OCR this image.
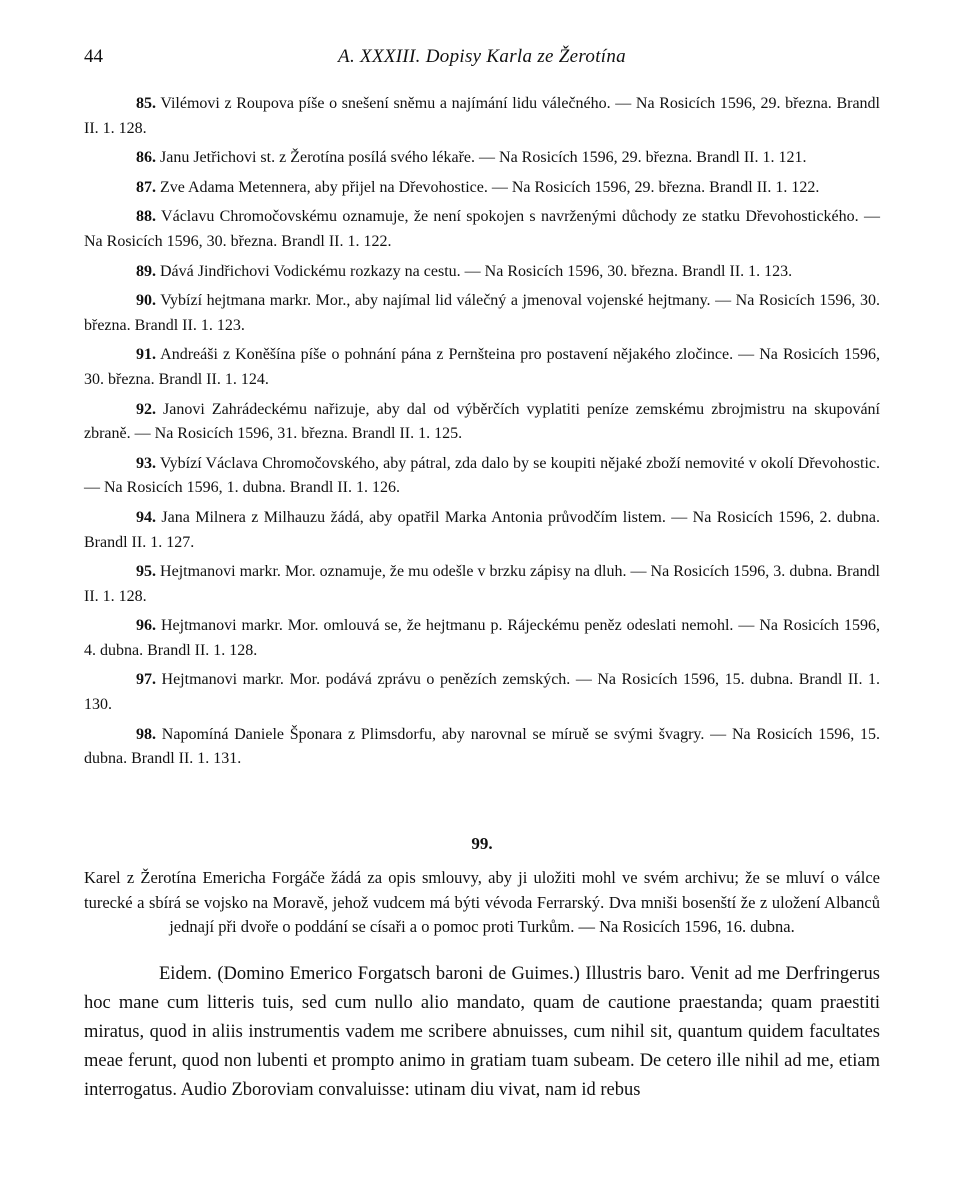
44	A. XXXIII. Dopisy Karla ze Žerotína

85. Vilémovi z Roupova píše o snešení sněmu a najímání lidu válečného. — Na Rosicích 1596, 29. března. Brandl II. 1. 128.

86. Janu Jetřichovi st. z Žerotína posílá svého lékaře. — Na Rosicích 1596, 29. března. Brandl II. 1. 121.

87. Zve Adama Metennera, aby přijel na Dřevohostice. — Na Rosicích 1596, 29. března. Brandl II. 1. 122.

88. Václavu Chromočovskému oznamuje, že není spokojen s navrženými důchody ze statku Dřevohostického. — Na Rosicích 1596, 30. března. Brandl II. 1. 122.

89. Dává Jindřichovi Vodickému rozkazy na cestu. — Na Rosicích 1596, 30. března. Brandl II. 1. 123.

90. Vybízí hejtmana markr. Mor., aby najímal lid válečný a jmenoval vojenské hejtmany. — Na Rosicích 1596, 30. března. Brandl II. 1. 123.

91. Andreáši z Koněšína píše o pohnání pána z Pernšteina pro postavení nějakého zločince. — Na Rosicích 1596, 30. března. Brandl II. 1. 124.

92. Janovi Zahrádeckému nařizuje, aby dal od výběrčích vyplatiti peníze zemskému zbrojmistru na skupování zbraně. — Na Rosicích 1596, 31. března. Brandl II. 1. 125.

93. Vybízí Václava Chromočovského, aby pátral, zda dalo by se koupiti nějaké zboží nemovité v okolí Dřevohostic. — Na Rosicích 1596, 1. dubna. Brandl II. 1. 126.

94. Jana Milnera z Milhauzu žádá, aby opatřil Marka Antonia průvodčím listem. — Na Rosicích 1596, 2. dubna. Brandl II. 1. 127.

95. Hejtmanovi markr. Mor. oznamuje, že mu odešle v brzku zápisy na dluh. — Na Rosicích 1596, 3. dubna. Brandl II. 1. 128.

96. Hejtmanovi markr. Mor. omlouvá se, že hejtmanu p. Rájeckému peněz odeslati nemohl. — Na Rosicích 1596, 4. dubna. Brandl II. 1. 128.

97. Hejtmanovi markr. Mor. podává zprávu o penězích zemských. — Na Rosicích 1596, 15. dubna. Brandl II. 1. 130.

98. Napomíná Daniele Šponara z Plimsdorfu, aby narovnal se míruě se svými švagry. — Na Rosicích 1596, 15. dubna. Brandl II. 1. 131.

99.
Karel z Žerotína Emericha Forgáče žádá za opis smlouvy, aby ji uložiti mohl ve svém archivu; že se mluví o válce turecké a sbírá se vojsko na Moravě, jehož vudcem má býti vévoda Ferrarský. Dva mniši bosenští že z uložení Albanců jednají při dvoře o poddání se císaři a o pomoc proti Turkům. — Na Rosicích 1596, 16. dubna.
Eidem. (Domino Emerico Forgatsch baroni de Guimes.) Illustris baro. Venit ad me Derfringerus hoc mane cum litteris tuis, sed cum nullo alio mandato, quam de cautione praestanda; quam praestiti miratus, quod in aliis instrumentis vadem me scribere abnuisses, cum nihil sit, quantum quidem facultates meae ferunt, quod non lubenti et prompto animo in gratiam tuam subeam. De cetero ille nihil ad me, etiam interrogatus. Audio Zboroviam convaluisse: utinam diu vivat, nam id rebus
